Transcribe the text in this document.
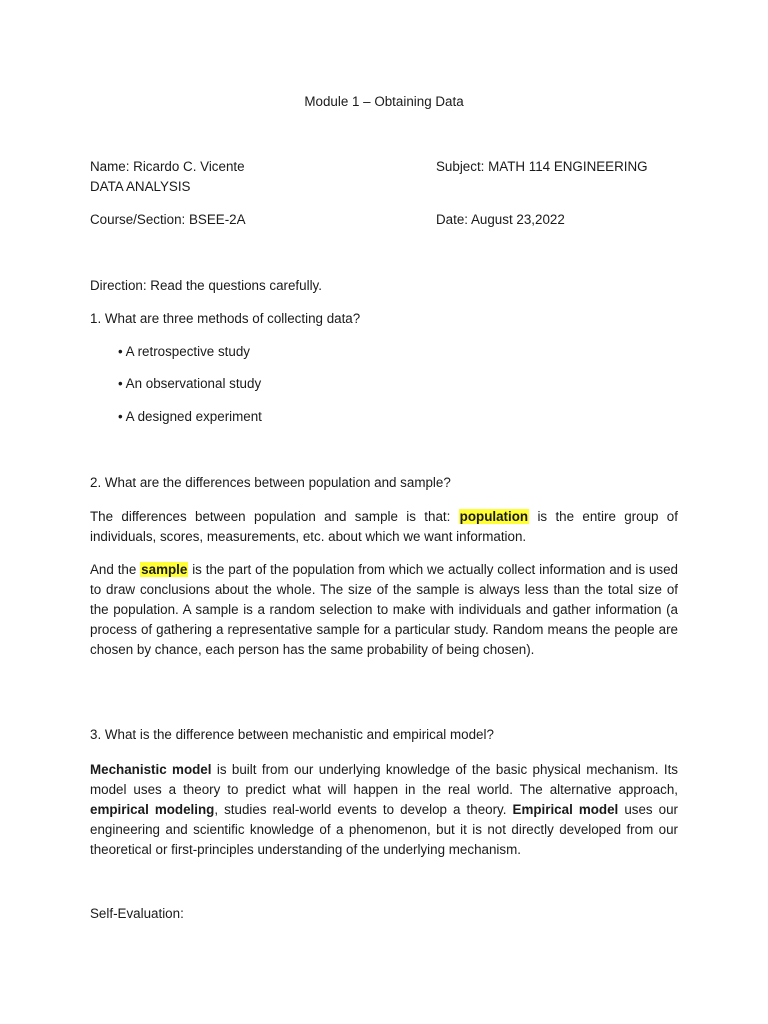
Module 1 – Obtaining Data
Name: Ricardo C. Vicente
DATA ANALYSIS
Subject: MATH 114 ENGINEERING
Course/Section: BSEE-2A	Date: August 23,2022
Direction: Read the questions carefully.
1. What are three methods of collecting data?
• A retrospective study
• An observational study
• A designed experiment
2. What are the differences between population and sample?
The differences between population and sample is that: population is the entire group of individuals, scores, measurements, etc. about which we want information.
And the sample is the part of the population from which we actually collect information and is used to draw conclusions about the whole. The size of the sample is always less than the total size of the population. A sample is a random selection to make with individuals and gather information (a process of gathering a representative sample for a particular study. Random means the people are chosen by chance, each person has the same probability of being chosen).
3. What is the difference between mechanistic and empirical model?
Mechanistic model is built from our underlying knowledge of the basic physical mechanism. Its model uses a theory to predict what will happen in the real world. The alternative approach, empirical modeling, studies real-world events to develop a theory. Empirical model uses our engineering and scientific knowledge of a phenomenon, but it is not directly developed from our theoretical or first-principles understanding of the underlying mechanism.
Self-Evaluation:
